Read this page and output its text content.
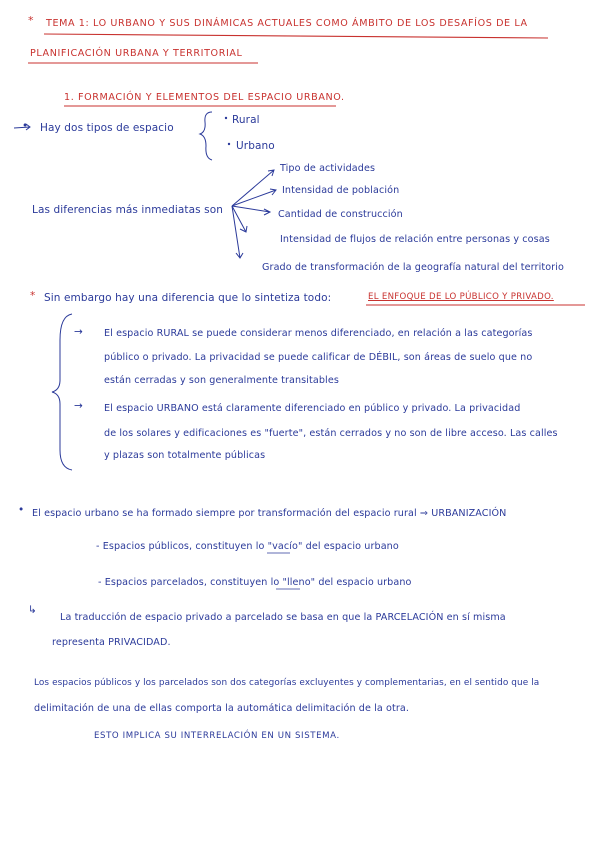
* TEMA 1: LO URBANO Y SUS DINÁMICAS ACTUALES COMO ÁMBITO DE LOS DESAFÍOS DE LA
PLANIFICACIÓN URBANA Y TERRITORIAL
1. FORMACIÓN Y ELEMENTOS DEL ESPACIO URBANO.
• Hay dos tipos de espacio
Rural
Urbano
Las diferencias más inmediatas son
Tipo de actividades
Intensidad de población
Cantidad de construcción
Intensidad de flujos de relación entre personas y cosas
Grado de transformación de la geografía natural del territorio
* Sin embargo hay una diferencia que lo sintetiza todo:	EL ENFOQUE DE LO PÚBLICO Y PRIVADO.
→ El espacio RURAL se puede considerar menos diferenciado, en relación a las categorías
público o privado. La privacidad se puede calificar de DÉBIL, son áreas de suelo que no
están cerradas y son generalmente transitables
→ El espacio URBANO está claramente diferenciado en público y privado. La privacidad
de los solares y edificaciones es "fuerte", están cerrados y no son de libre acceso. Las calles
y plazas son totalmente públicas
• El espacio urbano se ha formado siempre por transformación del espacio rural ⇒ URBANIZACIÓN
- Espacios públicos, constituyen lo "vacío" del espacio urbano
- Espacios parcelados, constituyen lo "lleno" del espacio urbano
↳
La traducción de espacio privado a parcelado se basa en que la PARCELACIÓN en sí misma
representa PRIVACIDAD.
Los espacios públicos y los parcelados son dos categorías excluyentes y complementarias, en el sentido que la
delimitación de una de ellas comporta la automática delimitación de la otra.
ESTO IMPLICA SU INTERRELACIÓN EN UN SISTEMA.
